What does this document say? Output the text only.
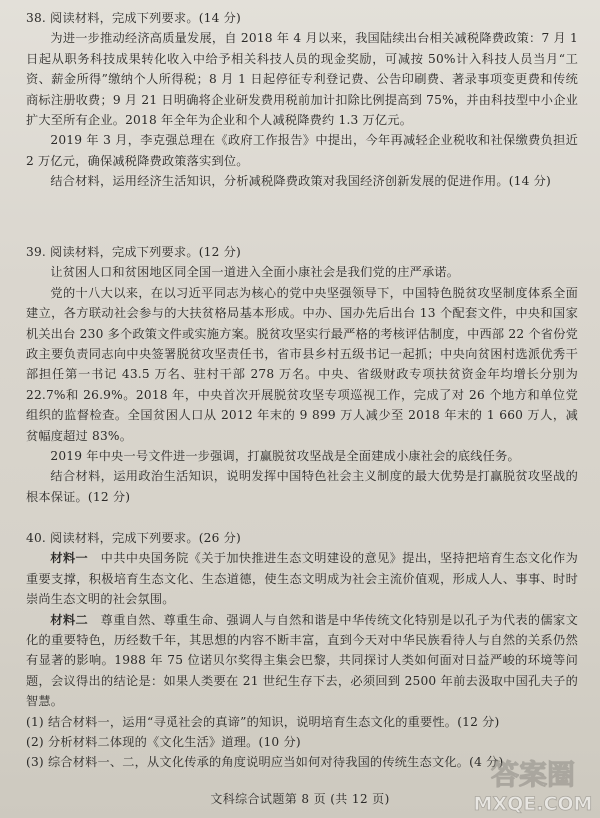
38. 阅读材料，完成下列要求。(14 分)

为进一步推动经济高质量发展，自 2018 年 4 月以来，我国陆续出台相关减税降费政策：7 月 1 日起从职务科技成果转化收入中给予相关科技人员的现金奖励，可减按 50%计入科技人员当月“工资、薪金所得”缴纳个人所得税；8 月 1 日起停征专利登记费、公告印刷费、著录事项变更费和传统商标注册收费；9 月 21 日明确将企业研发费用税前加计扣除比例提高到 75%，并由科技型中小企业扩大至所有企业。2018 年全年为企业和个人减税降费约 1.3 万亿元。

2019 年 3 月，李克强总理在《政府工作报告》中提出，今年再减轻企业税收和社保缴费负担近 2 万亿元，确保减税降费政策落实到位。

结合材料，运用经济生活知识，分析减税降费政策对我国经济创新发展的促进作用。(14 分)

39. 阅读材料，完成下列要求。(12 分)

让贫困人口和贫困地区同全国一道进入全面小康社会是我们党的庄严承诺。

党的十八大以来，在以习近平同志为核心的党中央坚强领导下，中国特色脱贫攻坚制度体系全面建立，各方联动社会参与的大扶贫格局基本形成。中办、国办先后出台 13 个配套文件，中央和国家机关出台 230 多个政策文件或实施方案。脱贫攻坚实行最严格的考核评估制度，中西部 22 个省份党政主要负责同志向中央签署脱贫攻坚责任书，省市县乡村五级书记一起抓；中央向贫困村选派优秀干部担任第一书记 43.5 万名、驻村干部 278 万名。中央、省级财政专项扶贫资金年均增长分别为 22.7%和 26.9%。2018 年，中央首次开展脱贫攻坚专项巡视工作，完成了对 26 个地方和单位党组织的监督检查。全国贫困人口从 2012 年末的 9 899 万人减少至 2018 年末的 1 660 万人，减贫幅度超过 83%。

2019 年中央一号文件进一步强调，打赢脱贫攻坚战是全面建成小康社会的底线任务。

结合材料，运用政治生活知识，说明发挥中国特色社会主义制度的最大优势是打赢脱贫攻坚战的根本保证。(12 分)

40. 阅读材料，完成下列要求。(26 分)

材料一　 中共中央国务院《关于加快推进生态文明建设的意见》提出，坚持把培育生态文化作为重要支撑，积极培育生态文化、生态道德，使生态文明成为社会主流价值观，形成人人、事事、时时崇尚生态文明的社会氛围。

材料二　 尊重自然、尊重生命、强调人与自然和谐是中华传统文化特别是以孔子为代表的儒家文化的重要特色，历经数千年，其思想的内容不断丰富，直到今天对中华民族看待人与自然的关系仍然有显著的影响。1988 年 75 位诺贝尔奖得主集会巴黎，共同探讨人类如何面对日益严峻的环境等问题，会议得出的结论是：如果人类要在 21 世纪生存下去，必须回到 2500 年前去汲取中国孔夫子的智慧。

(1) 结合材料一，运用“寻觅社会的真谛”的知识，说明培育生态文化的重要性。(12 分)

(2) 分析材料二体现的《文化生活》道理。(10 分)

(3) 综合材料一、二，从文化传承的角度说明应当如何对待我国的传统生态文化。(4 分)

文科综合试题第 8 页 (共 12 页)
答案圈
MXQE.COM
